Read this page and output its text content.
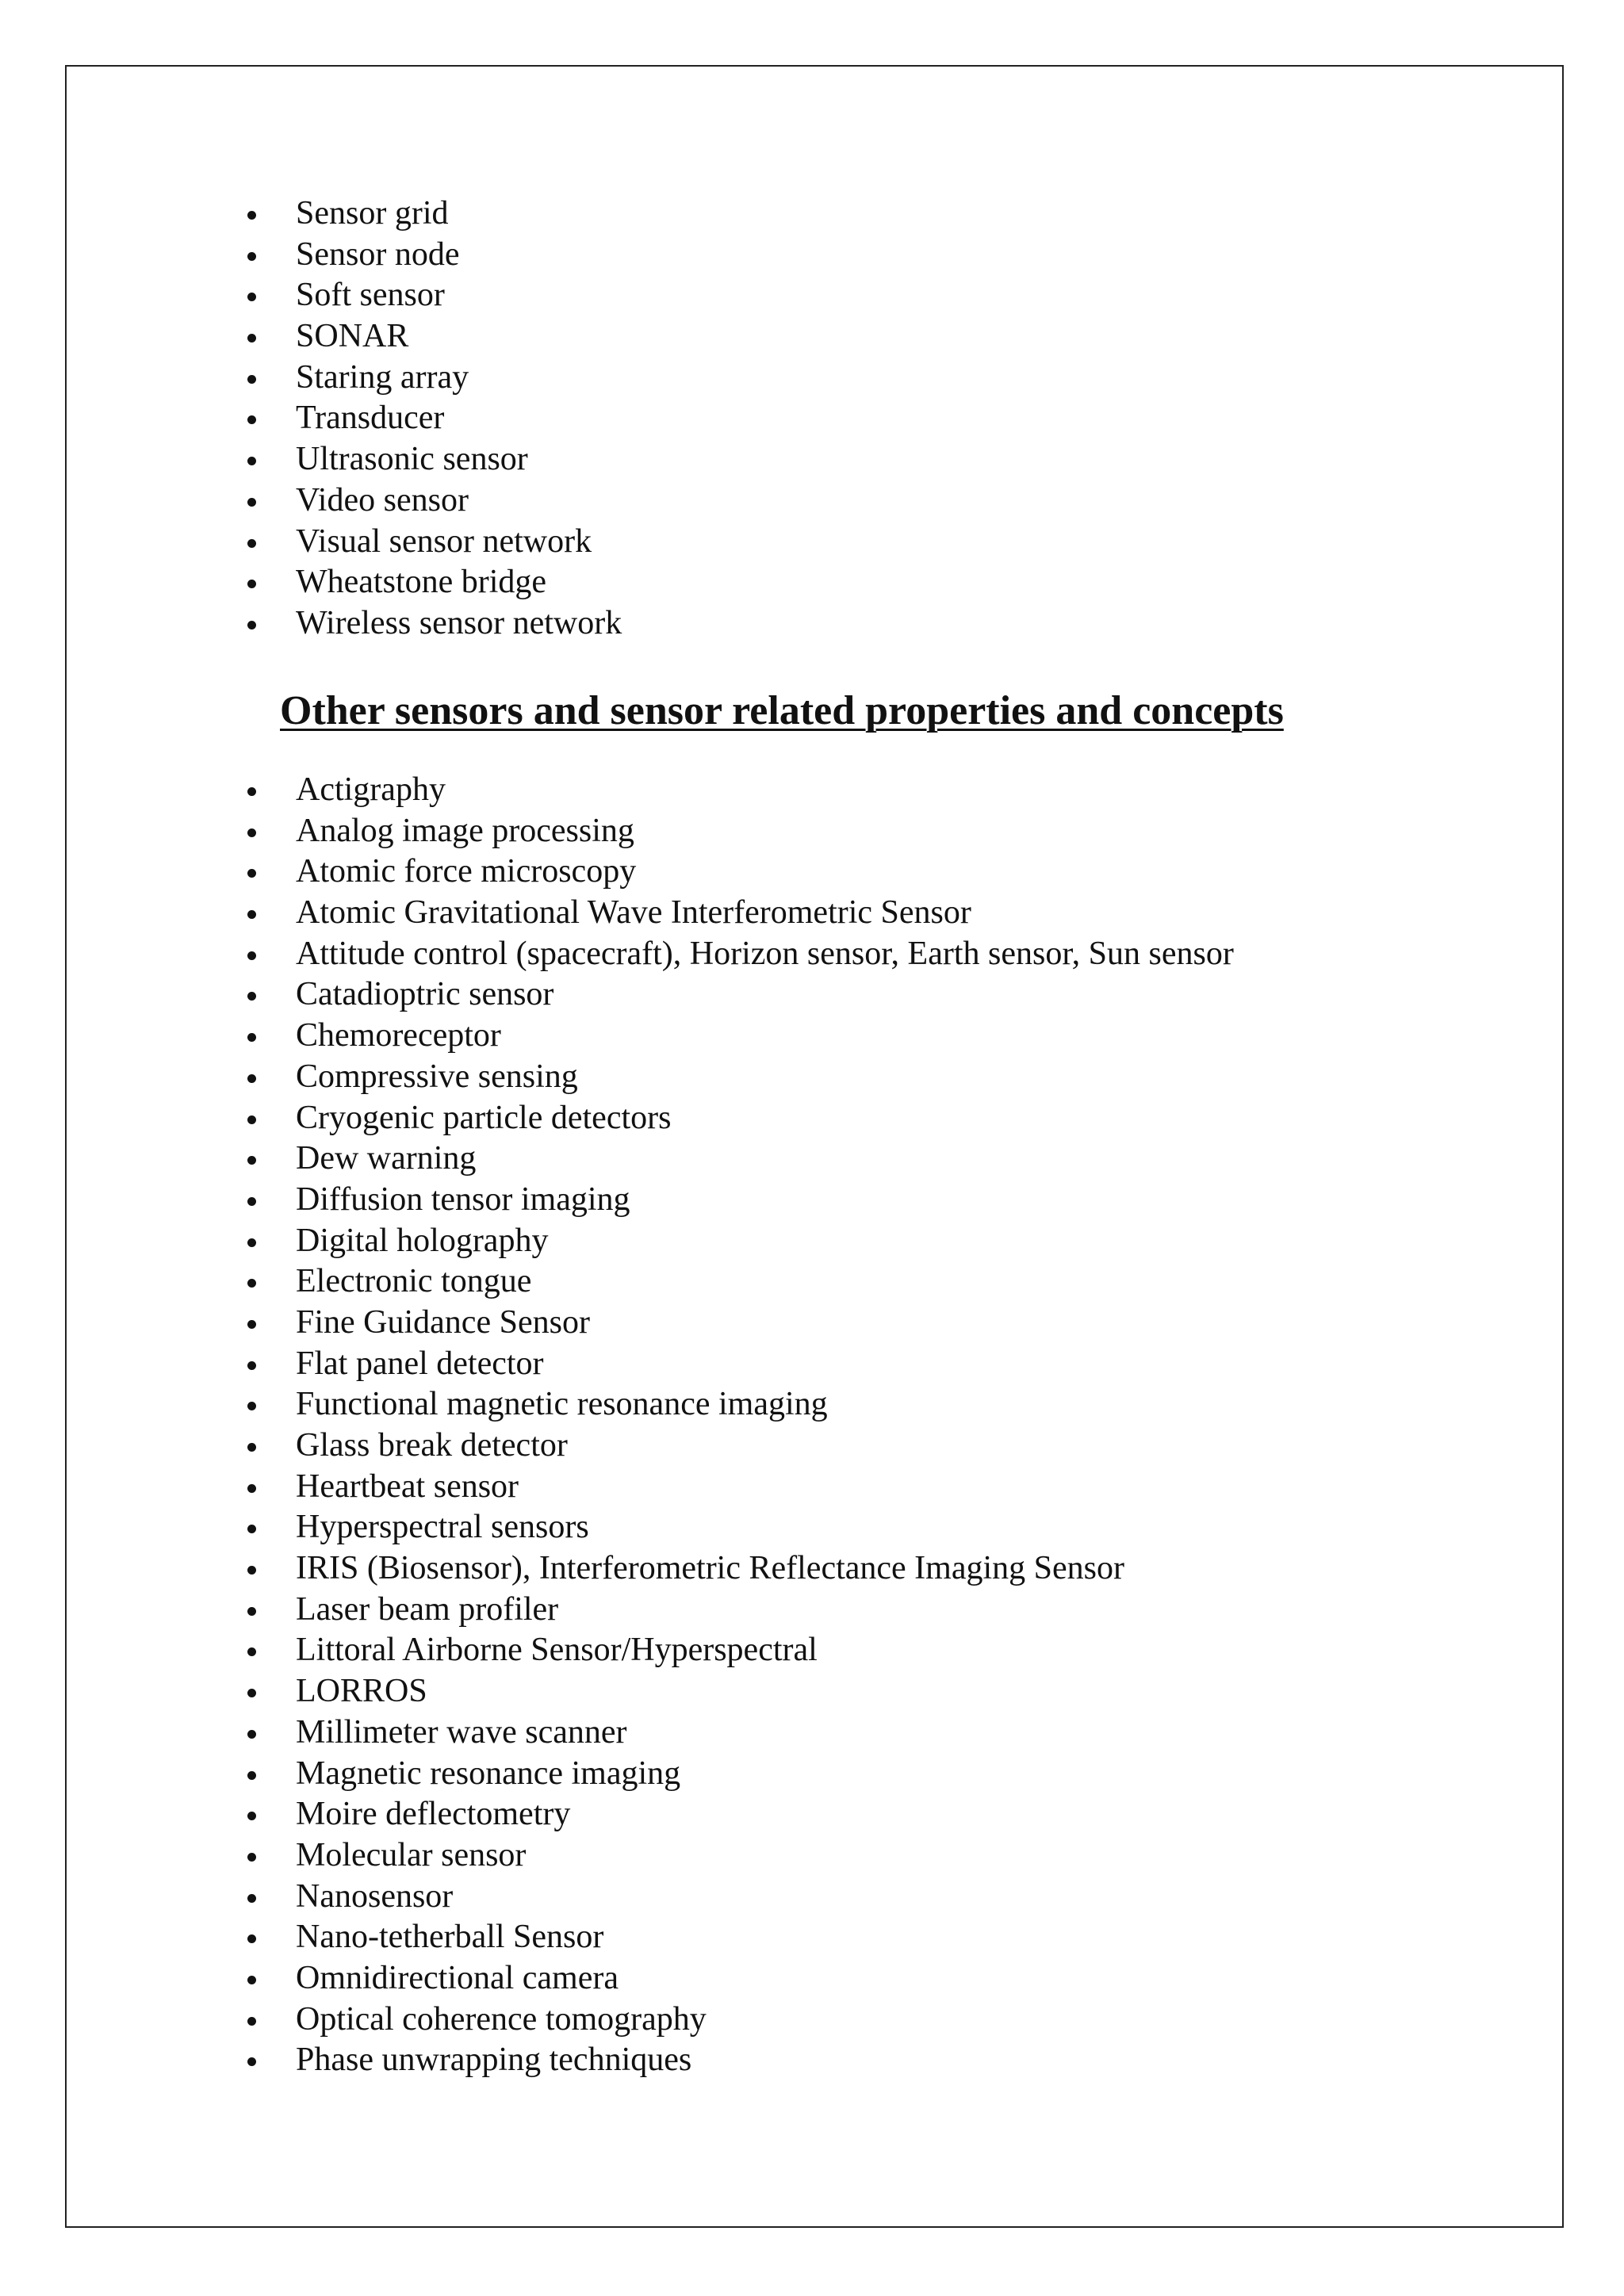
Sensor grid
Sensor node
Soft sensor
SONAR
Staring array
Transducer
Ultrasonic sensor
Video sensor
Visual sensor network
Wheatstone bridge
Wireless sensor network
Other sensors and sensor related properties and concepts
Actigraphy
Analog image processing
Atomic force microscopy
Atomic Gravitational Wave Interferometric Sensor
Attitude control (spacecraft), Horizon sensor, Earth sensor, Sun sensor
Catadioptric sensor
Chemoreceptor
Compressive sensing
Cryogenic particle detectors
Dew warning
Diffusion tensor imaging
Digital holography
Electronic tongue
Fine Guidance Sensor
Flat panel detector
Functional magnetic resonance imaging
Glass break detector
Heartbeat sensor
Hyperspectral sensors
IRIS (Biosensor), Interferometric Reflectance Imaging Sensor
Laser beam profiler
Littoral Airborne Sensor/Hyperspectral
LORROS
Millimeter wave scanner
Magnetic resonance imaging
Moire deflectometry
Molecular sensor
Nanosensor
Nano-tetherball Sensor
Omnidirectional camera
Optical coherence tomography
Phase unwrapping techniques
